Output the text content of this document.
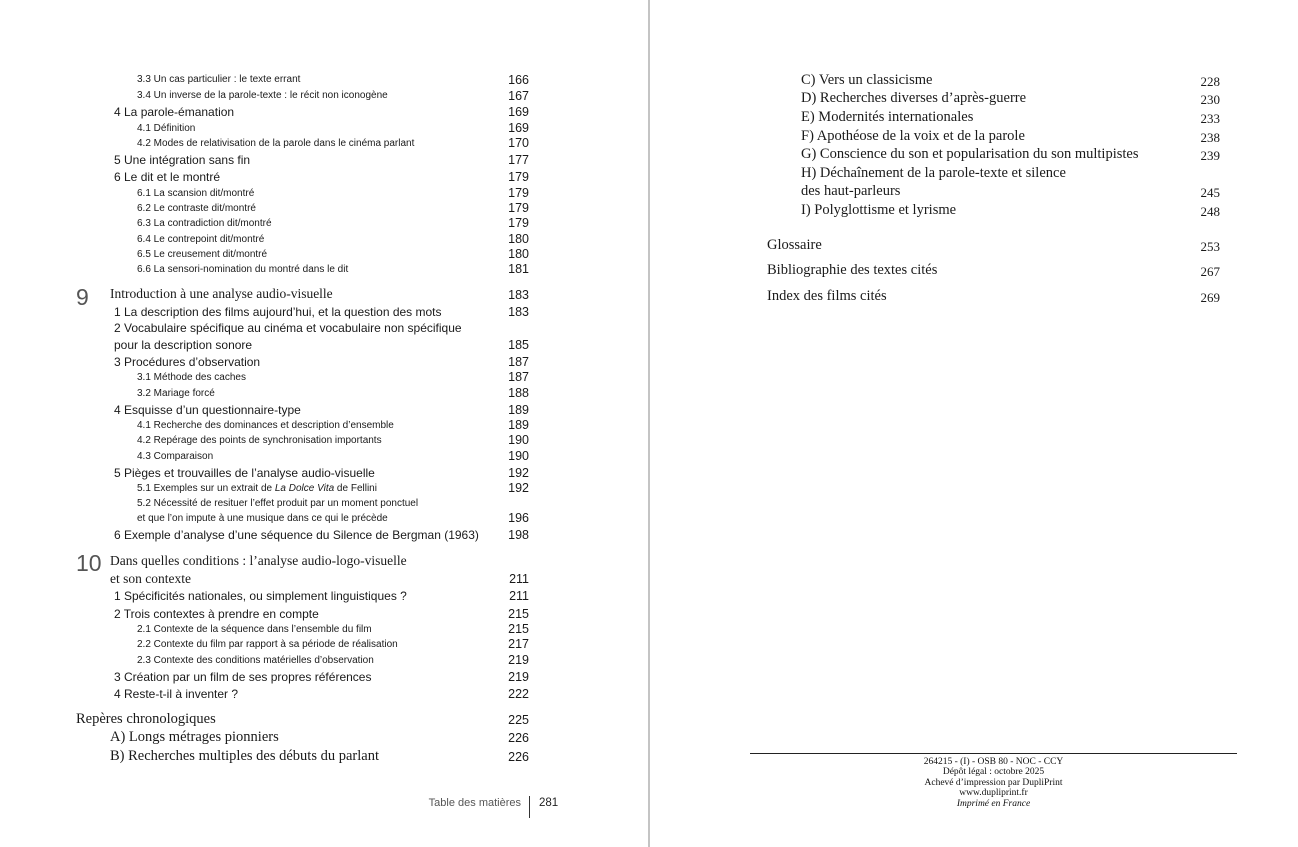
3.3 Un cas particulier : le texte errant	166
3.4 Un inverse de la parole-texte : le récit non iconogène	167
4 La parole-émanation	169
4.1 Définition	169
4.2 Modes de relativisation de la parole dans le cinéma parlant	170
5 Une intégration sans fin	177
6 Le dit et le montré	179
6.1 La scansion dit/montré	179
6.2 Le contraste dit/montré	179
6.3 La contradiction dit/montré	179
6.4 Le contrepoint dit/montré	180
6.5 Le creusement dit/montré	180
6.6 La sensori-nomination du montré dans le dit	181
9 Introduction à une analyse audio-visuelle	183
1 La description des films aujourd’hui, et la question des mots	183
2 Vocabulaire spécifique au cinéma et vocabulaire non spécifique
pour la description sonore	185
3 Procédures d’observation	187
3.1 Méthode des caches	187
3.2 Mariage forcé	188
4 Esquisse d’un questionnaire-type	189
4.1 Recherche des dominances et description d’ensemble	189
4.2 Repérage des points de synchronisation importants	190
4.3 Comparaison	190
5 Pièges et trouvailles de l’analyse audio-visuelle	192
5.1 Exemples sur un extrait de La Dolce Vita de Fellini	192
5.2 Nécessité de resituer l’effet produit par un moment ponctuel
et que l’on impute à une musique dans ce qui le précède	196
6 Exemple d’analyse d’une séquence du Silence de Bergman (1963)	198
10 Dans quelles conditions : l’analyse audio-logo-visuelle
et son contexte	211
1 Spécificités nationales, ou simplement linguistiques ?	211
2 Trois contextes à prendre en compte	215
2.1 Contexte de la séquence dans l’ensemble du film	215
2.2 Contexte du film par rapport à sa période de réalisation	217
2.3 Contexte des conditions matérielles d’observation	219
3 Création par un film de ses propres références	219
4 Reste-t-il à inventer ?	222
Repères chronologiques	225
A) Longs métrages pionniers	226
B) Recherches multiples des débuts du parlant	226
Table des matières 281
C) Vers un classicisme	228
D) Recherches diverses d’après-guerre	230
E) Modernités internationales	233
F) Apothéose de la voix et de la parole	238
G) Conscience du son et popularisation du son multipistes	239
H) Déchaînement de la parole-texte et silence
des haut-parleurs	245
I) Polyglottisme et lyrisme	248
Glossaire	253
Bibliographie des textes cités	267
Index des films cités	269
264215 - (I) - OSB 80 - NOC - CCY
Dépôt légal : octobre 2025
Achevé d’impression par DupliPrint
www.dupliprint.fr
Imprimé en France
